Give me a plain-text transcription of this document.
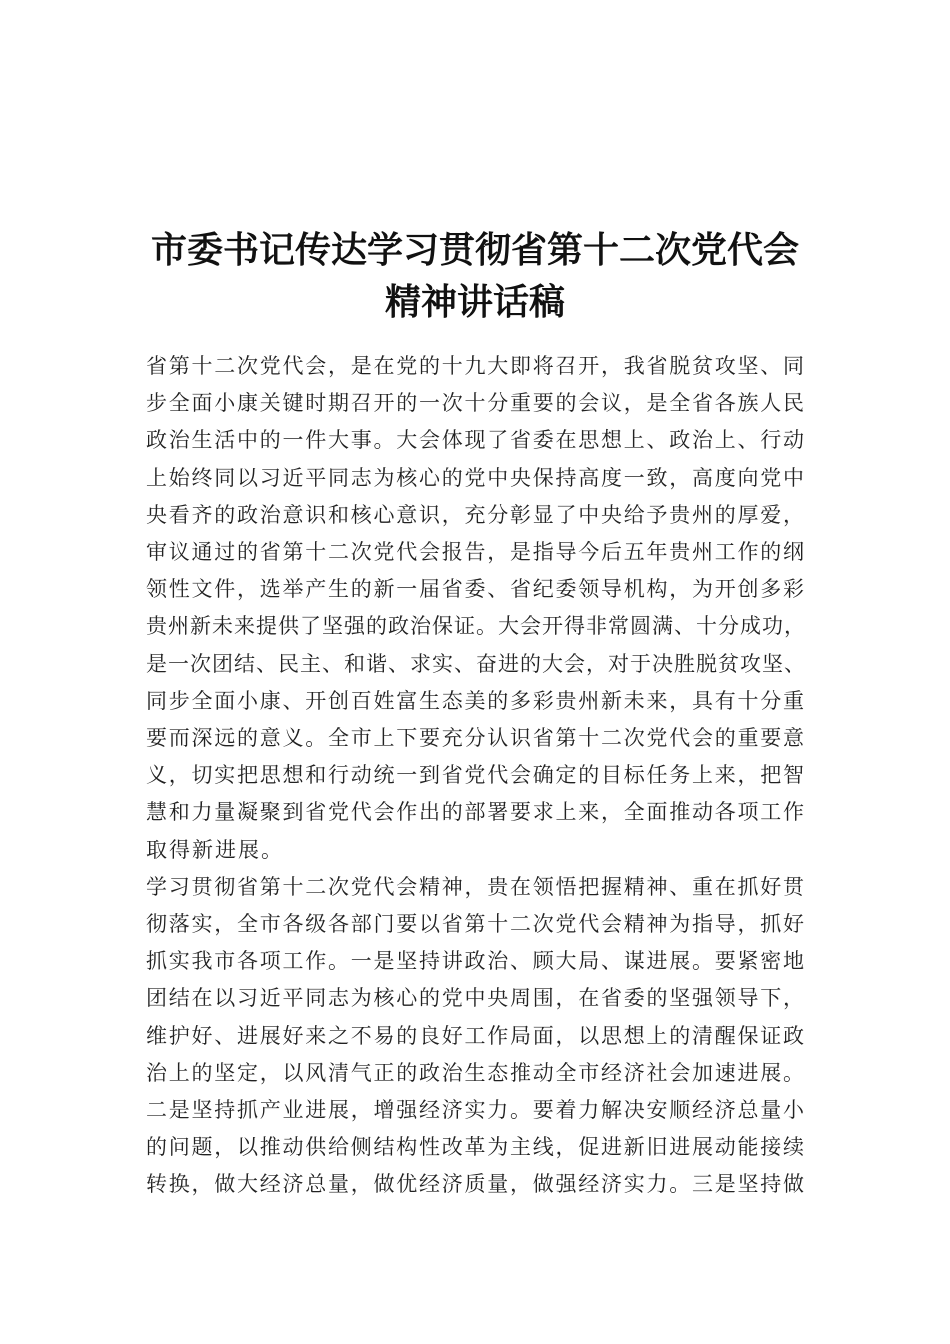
市委书记传达学习贯彻省第十二次党代会
精神讲话稿
省第十二次党代会，是在党的十九大即将召开，我省脱贫攻坚、同
步全面小康关键时期召开的一次十分重要的会议，是全省各族人民
政治生活中的一件大事。大会体现了省委在思想上、政治上、行动
上始终同以习近平同志为核心的党中央保持高度一致，高度向党中
央看齐的政治意识和核心意识，充分彰显了中央给予贵州的厚爱，
审议通过的省第十二次党代会报告，是指导今后五年贵州工作的纲
领性文件，选举产生的新一届省委、省纪委领导机构，为开创多彩
贵州新未来提供了坚强的政治保证。大会开得非常圆满、十分成功，
是一次团结、民主、和谐、求实、奋进的大会，对于决胜脱贫攻坚、
同步全面小康、开创百姓富生态美的多彩贵州新未来，具有十分重
要而深远的意义。全市上下要充分认识省第十二次党代会的重要意
义，切实把思想和行动统一到省党代会确定的目标任务上来，把智
慧和力量凝聚到省党代会作出的部署要求上来，全面推动各项工作
取得新进展。
学习贯彻省第十二次党代会精神，贵在领悟把握精神、重在抓好贯
彻落实，全市各级各部门要以省第十二次党代会精神为指导，抓好
抓实我市各项工作。一是坚持讲政治、顾大局、谋进展。要紧密地
团结在以习近平同志为核心的党中央周围，在省委的坚强领导下，
维护好、进展好来之不易的良好工作局面，以思想上的清醒保证政
治上的坚定，以风清气正的政治生态推动全市经济社会加速进展。
二是坚持抓产业进展，增强经济实力。要着力解决安顺经济总量小
的问题，以推动供给侧结构性改革为主线，促进新旧进展动能接续
转换，做大经济总量，做优经济质量，做强经济实力。三是坚持做
